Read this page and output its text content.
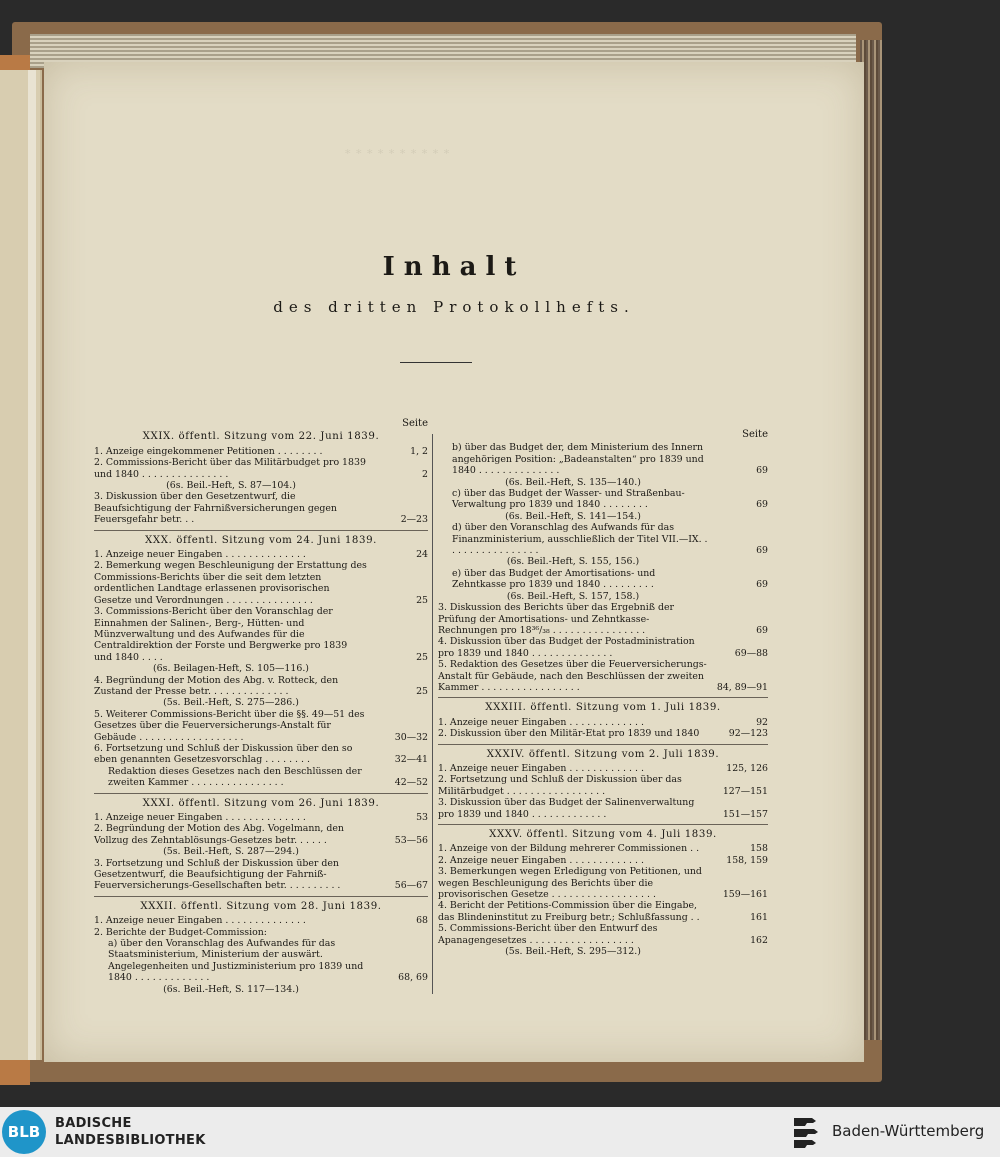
∗ ∗ ∗ ∗ ∗ ∗ ∗ ∗ ∗ ∗
Inhalt
des dritten Protokollhefts.
Seite
XXIX. öffentl. Sitzung vom 22. Juni 1839.
1. Anzeige eingekommener Petitionen . . . . . . . .	1, 2
2. Commissions-Bericht über das Militärbudget pro 1839 und 1840 . . . . . . . . . . . . . . .	2
(6s. Beil.-Heft, S. 87—104.)
3. Diskussion über den Gesetzentwurf, die Beaufsichtigung der Fahrnißversicherungen gegen Feuersgefahr betr. . .	2—23
XXX. öffentl. Sitzung vom 24. Juni 1839.
1. Anzeige neuer Eingaben . . . . . . . . . . . . . .	24
2. Bemerkung wegen Beschleunigung der Erstattung des Commissions-Berichts über die seit dem letzten ordentlichen Landtage erlassenen provisorischen Gesetze und Verordnungen . . . . . . . . . . . . . . .	25
3. Commissions-Bericht über den Voranschlag der Einnahmen der Salinen-, Berg-, Hütten- und Münzverwaltung und des Aufwandes für die Centraldirektion der Forste und Bergwerke pro 1839 und 1840 . . . .	25
(6s. Beilagen-Heft, S. 105—116.)
4. Begründung der Motion des Abg. v. Rotteck, den Zustand der Presse betr. . . . . . . . . . . . . .	25
(5s. Beil.-Heft, S. 275—286.)
5. Weiterer Commissions-Bericht über die §§. 49—51 des Gesetzes über die Feuerversicherungs-Anstalt für Gebäude . . . . . . . . . . . . . . . . . .	30—32
6. Fortsetzung und Schluß der Diskussion über den so eben genannten Gesetzesvorschlag . . . . . . . .	32—41
Redaktion dieses Gesetzes nach den Beschlüssen der zweiten Kammer . . . . . . . . . . . . . . . .	42—52
XXXI. öffentl. Sitzung vom 26. Juni 1839.
1. Anzeige neuer Eingaben . . . . . . . . . . . . . .	53
2. Begründung der Motion des Abg. Vogelmann, den Vollzug des Zehntablösungs-Gesetzes betr. . . . . .	53—56
(5s. Beil.-Heft, S. 287—294.)
3. Fortsetzung und Schluß der Diskussion über den Gesetzentwurf, die Beaufsichtigung der Fahrniß-Feuerversicherungs-Gesellschaften betr. . . . . . . . . .	56—67
XXXII. öffentl. Sitzung vom 28. Juni 1839.
1. Anzeige neuer Eingaben . . . . . . . . . . . . . .	68
2. Berichte der Budget-Commission:
a) über den Voranschlag des Aufwandes für das Staatsministerium, Ministerium der auswärt. Angelegenheiten und Justizministerium pro 1839 und 1840 . . . . . . . . . . . . .	68, 69
(6s. Beil.-Heft, S. 117—134.)
Seite
b) über das Budget der, dem Ministerium des Innern angehörigen Position: „Badeanstalten“ pro 1839 und 1840 . . . . . . . . . . . . . .	69
(6s. Beil.-Heft, S. 135—140.)
c) über das Budget der Wasser- und Straßenbau-Verwaltung pro 1839 und 1840 . . . . . . . .	69
(6s. Beil.-Heft, S. 141—154.)
d) über den Voranschlag des Aufwands für das Finanzministerium, ausschließlich der Titel VII.—IX. . . . . . . . . . . . . . . . .	69
(6s. Beil.-Heft, S. 155, 156.)
e) über das Budget der Amortisations- und Zehntkasse pro 1839 und 1840 . . . . . . . . .	69
(6s. Beil.-Heft, S. 157, 158.)
3. Diskussion des Berichts über das Ergebniß der Prüfung der Amortisations- und Zehntkasse-Rechnungen pro 18³⁶/₃₈ . . . . . . . . . . . . . . . .	69
4. Diskussion über das Budget der Postadministration pro 1839 und 1840 . . . . . . . . . . . . . .	69—88
5. Redaktion des Gesetzes über die Feuerversicherungs-Anstalt für Gebäude, nach den Beschlüssen der zweiten Kammer . . . . . . . . . . . . . . . . .	84, 89—91
XXXIII. öffentl. Sitzung vom 1. Juli 1839.
1. Anzeige neuer Eingaben . . . . . . . . . . . . .	92
2. Diskussion über den Militär-Etat pro 1839 und 1840	92—123
XXXIV. öffentl. Sitzung vom 2. Juli 1839.
1. Anzeige neuer Eingaben . . . . . . . . . . . . .	125, 126
2. Fortsetzung und Schluß der Diskussion über das Militärbudget . . . . . . . . . . . . . . . . .	127—151
3. Diskussion über das Budget der Salinenverwaltung pro 1839 und 1840 . . . . . . . . . . . . .	151—157
XXXV. öffentl. Sitzung vom 4. Juli 1839.
1. Anzeige von der Bildung mehrerer Commissionen . .	158
2. Anzeige neuer Eingaben . . . . . . . . . . . . .	158, 159
3. Bemerkungen wegen Erledigung von Petitionen, und wegen Beschleunigung des Berichts über die provisorischen Gesetze . . . . . . . . . . . . . . . . . .	159—161
4. Bericht der Petitions-Commission über die Eingabe, das Blindeninstitut zu Freiburg betr.; Schlußfassung . .	161
5. Commissions-Bericht über den Entwurf des Apanagengesetzes . . . . . . . . . . . . . . . . . .	162
(5s. Beil.-Heft, S. 295—312.)
BLB	BADISCHE
LANDESBIBLIOTHEK
Baden-Württemberg
